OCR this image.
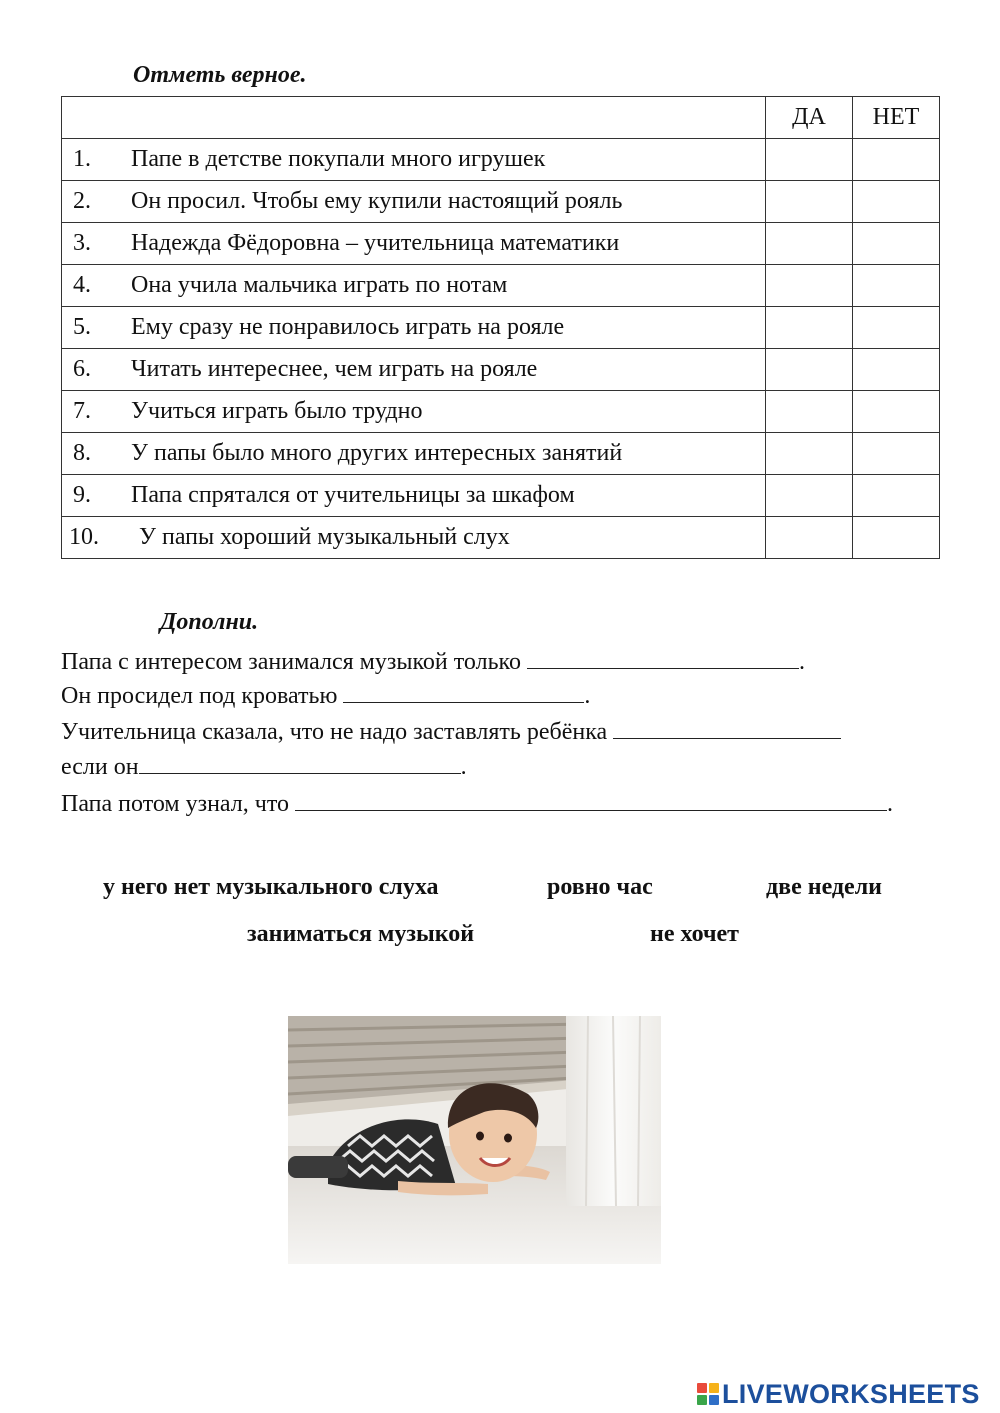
Отметь верное.
	ДА	НЕТ

1. Папе в детстве покупали много игрушек		

2. Он просил. Чтобы ему купили настоящий рояль		

3. Надежда Фёдоровна – учительница математики		

4. Она учила мальчика играть по нотам		

5. Ему сразу не понравилось играть на рояле		

6. Читать интереснее, чем играть на рояле		

7. Учиться играть было трудно		

8. У папы было много других интересных занятий		

9. Папа спрятался от учительницы за шкафом		

10. У папы хороший музыкальный слух		

Дополни.
Папа с интересом занимался музыкой только	.
Он просидел под кроватью	.
Учительница сказала, что не надо заставлять ребёнка
если он	.
Папа потом узнал, что	.
у него нет музыкального слуха	ровно час	две недели
заниматься музыкой	не хочет
LIVEWORKSHEETS
